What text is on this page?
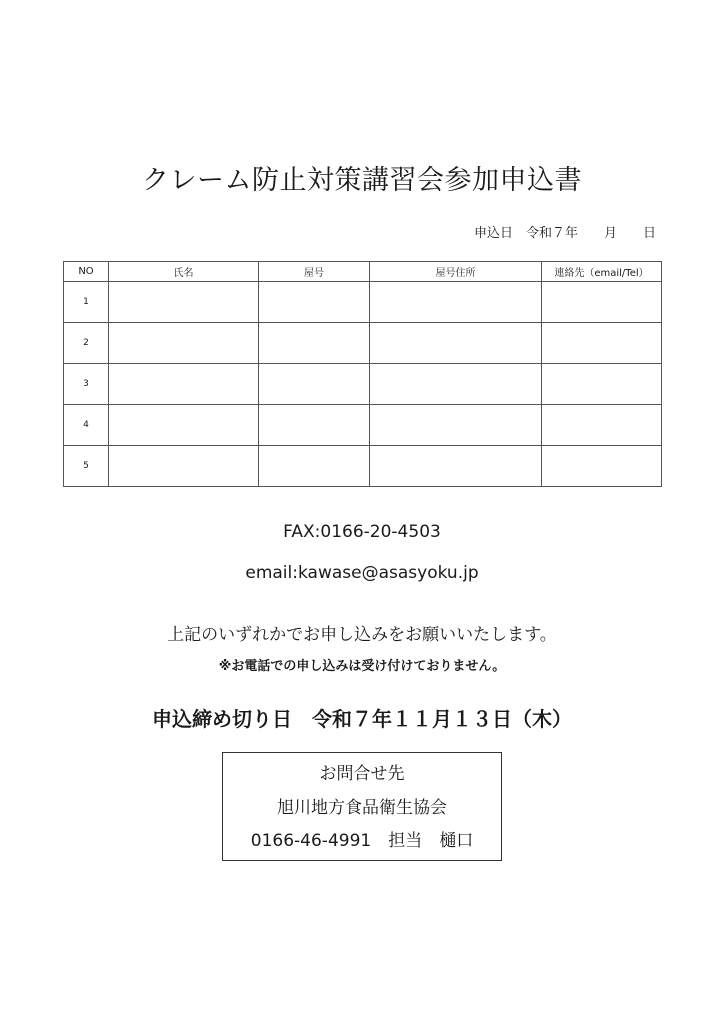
クレーム防止対策講習会参加申込書
申込日　令和７年　　月　　日
NO	氏名	屋号	屋号住所	連絡先（email/Tel）
1				
2				
3				
4				
5				
FAX:0166-20-4503
email:kawase@asasyoku.jp
上記のいずれかでお申し込みをお願いいたします。
※お電話での申し込みは受け付けておりません。
申込締め切り日　令和７年１１月１３日（木）
お問合せ先
旭川地方食品衛生協会
0166-46-4991　担当　樋口
